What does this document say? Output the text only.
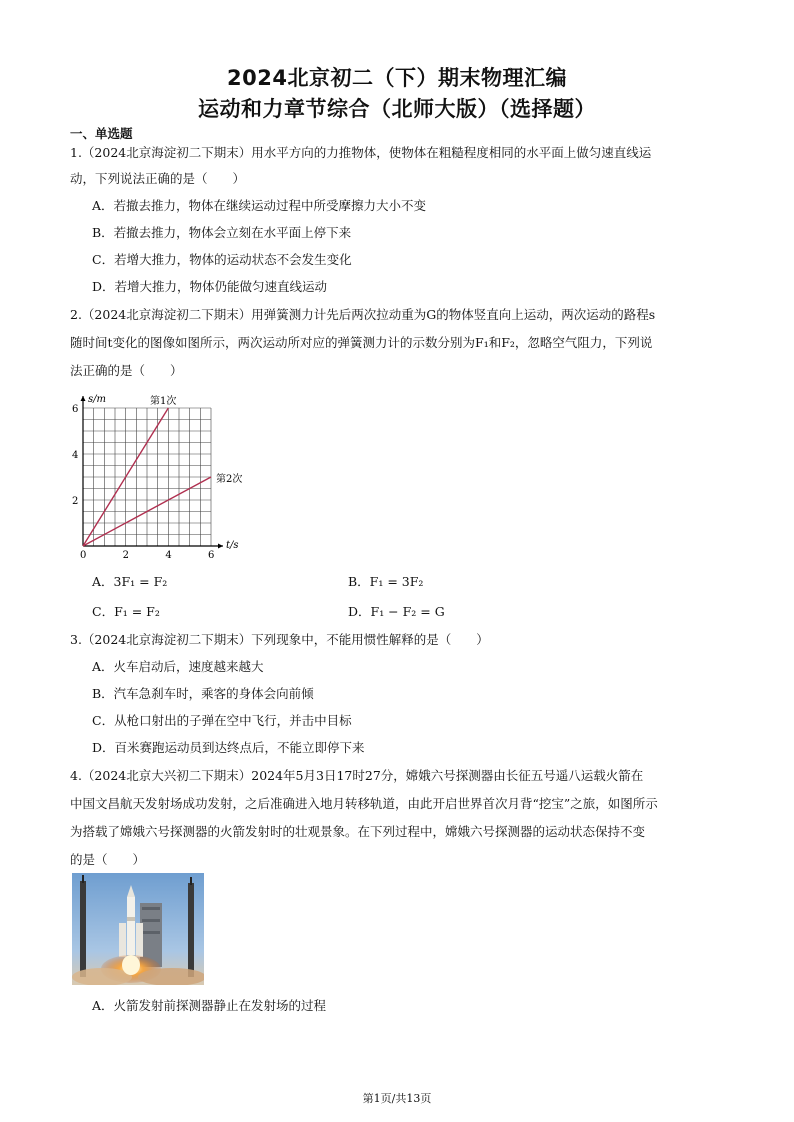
2024北京初二（下）期末物理汇编
运动和力章节综合（北师大版）（选择题）
一、单选题
1.（2024北京海淀初二下期末）用水平方向的力推物体，使物体在粗糙程度相同的水平面上做匀速直线运
动，下列说法正确的是（　　）
A．若撤去推力，物体在继续运动过程中所受摩擦力大小不变
B．若撤去推力，物体会立刻在水平面上停下来
C．若增大推力，物体的运动状态不会发生变化
D．若增大推力，物体仍能做匀速直线运动
2.（2024北京海淀初二下期末）用弹簧测力计先后两次拉动重为G的物体竖直向上运动，两次运动的路程s
随时间t变化的图像如图所示，两次运动所对应的弹簧测力计的示数分别为F₁和F₂，忽略空气阻力，下列说
法正确的是（　　）
0	2	4	6
2
4
6
t/s
s/m	第1次
第2次
A．3F₁ = F₂	B．F₁ = 3F₂
C．F₁ = F₂	D．F₁ − F₂ = G
3.（2024北京海淀初二下期末）下列现象中，不能用惯性解释的是（　　）
A．火车启动后，速度越来越大
B．汽车急刹车时，乘客的身体会向前倾
C．从枪口射出的子弹在空中飞行，并击中目标
D．百米赛跑运动员到达终点后，不能立即停下来
4.（2024北京大兴初二下期末）2024年5月3日17时27分，嫦娥六号探测器由长征五号遥八运载火箭在
中国文昌航天发射场成功发射，之后准确进入地月转移轨道，由此开启世界首次月背“挖宝”之旅，如图所示
为搭载了嫦娥六号探测器的火箭发射时的壮观景象。在下列过程中，嫦娥六号探测器的运动状态保持不变
的是（　　）
A．火箭发射前探测器静止在发射场的过程
第1页/共13页
